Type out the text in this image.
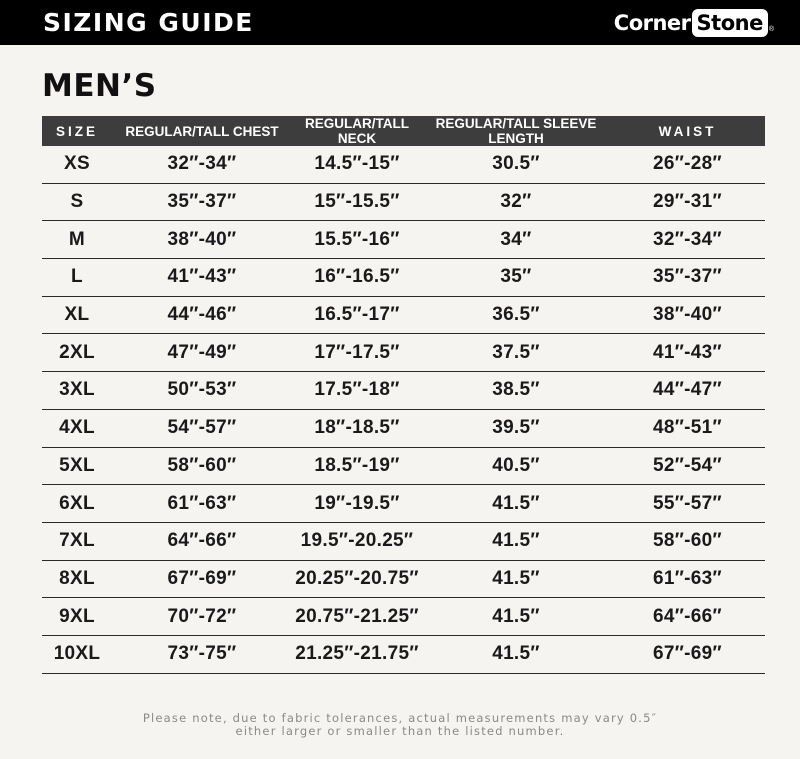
SIZING GUIDE	Corner Stone ®
MEN’S
SIZE	REGULAR/TALL CHEST	REGULAR/TALL NECK	REGULAR/TALL SLEEVE LENGTH	WAIST
XS	32″-34″	14.5″-15″	30.5″	26″-28″
S	35″-37″	15″-15.5″	32″	29″-31″
M	38″-40″	15.5″-16″	34″	32″-34″
L	41″-43″	16″-16.5″	35″	35″-37″
XL	44″-46″	16.5″-17″	36.5″	38″-40″
2XL	47″-49″	17″-17.5″	37.5″	41″-43″
3XL	50″-53″	17.5″-18″	38.5″	44″-47″
4XL	54″-57″	18″-18.5″	39.5″	48″-51″
5XL	58″-60″	18.5″-19″	40.5″	52″-54″
6XL	61″-63″	19″-19.5″	41.5″	55″-57″
7XL	64″-66″	19.5″-20.25″	41.5″	58″-60″
8XL	67″-69″	20.25″-20.75″	41.5″	61″-63″
9XL	70″-72″	20.75″-21.25″	41.5″	64″-66″
10XL	73″-75″	21.25″-21.75″	41.5″	67″-69″
Please note, due to fabric tolerances, actual measurements may vary 0.5″
either larger or smaller than the listed number.
